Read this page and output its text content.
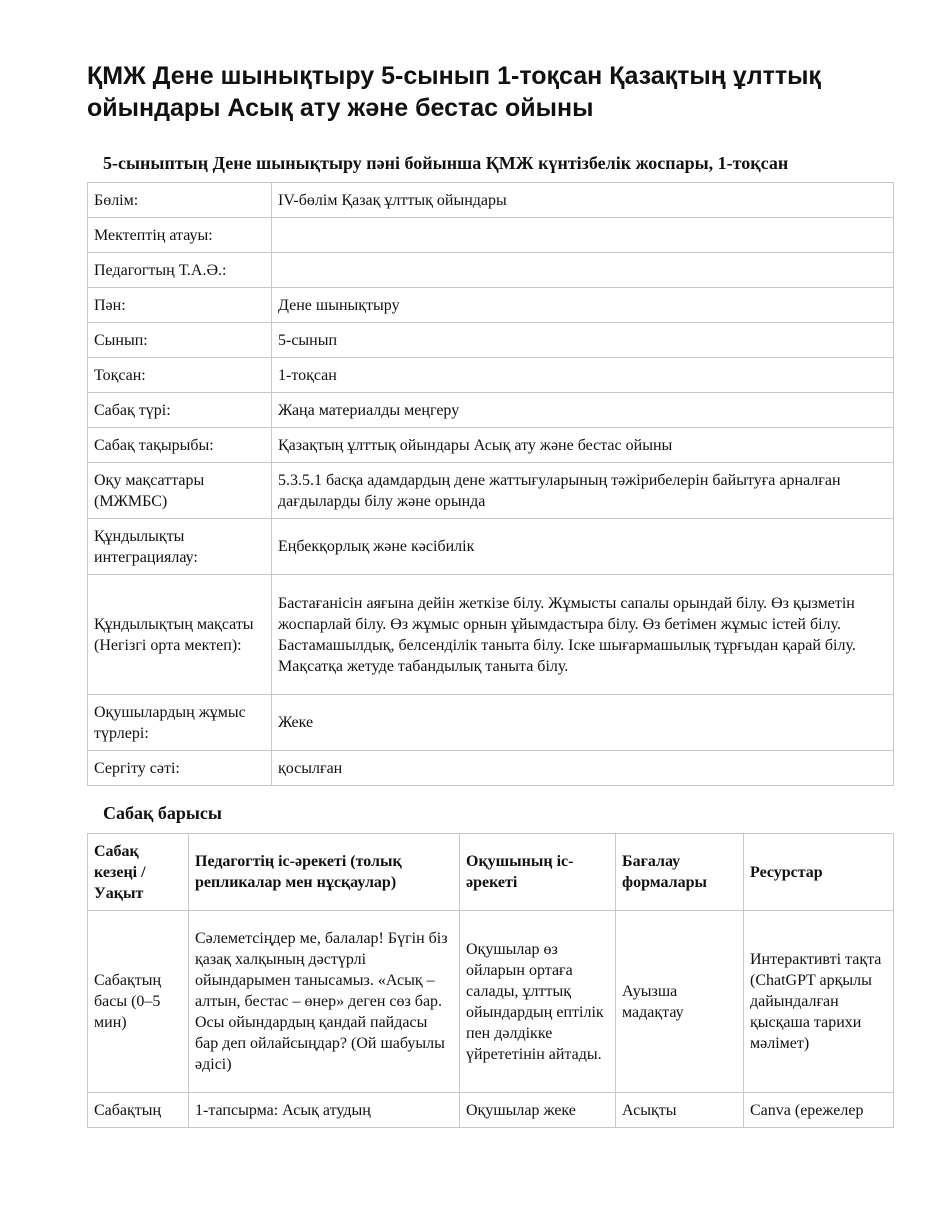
ҚМЖ Дене шынықтыру 5-сынып 1-тоқсан Қазақтың ұлттық ойындары Асық ату және бестас ойыны
5-сыныптың Дене шынықтыру пәні бойынша ҚМЖ күнтізбелік жоспары, 1-тоқсан
Бөлім:	IV-бөлім Қазақ ұлттық ойындары
Мектептің атауы:	
Педагогтың Т.А.Ә.:	
Пән:	Дене шынықтыру
Сынып:	5-сынып
Тоқсан:	1-тоқсан
Сабақ түрі:	Жаңа материалды меңгеру
Сабақ тақырыбы:	Қазақтың ұлттық ойындары Асық ату және бестас ойыны
Оқу мақсаттары (МЖМБС)	5.3.5.1 басқа адамдардың дене жаттығуларының тәжірибелерін байытуға арналған дағдыларды білу және орында
Құндылықты интеграциялау:	Еңбекқорлық және кәсібилік
Құндылықтың мақсаты (Негізгі орта мектеп):	Бастағанісін аяғына дейін жеткізе білу. Жұмысты сапалы орындай білу. Өз қызметін жоспарлай білу. Өз жұмыс орнын ұйымдастыра білу. Өз бетімен жұмыс істей білу. Бастамашылдық, белсенділік таныта білу. Іске шығармашылық тұрғыдан қарай білу. Мақсатқа жетуде табандылық таныта білу.
Оқушылардың жұмыс түрлері:	Жеке
Сергіту сәті:	қосылған
Сабақ барысы
Сабақ кезеңі / Уақыт	Педагогтің іс-әрекеті (толық репликалар мен нұсқаулар)	Оқушының іс-әрекеті	Бағалау формалары	Ресурстар
Сабақтың басы (0–5 мин)	Сәлеметсіңдер ме, балалар! Бүгін біз қазақ халқының дәстүрлі ойындарымен танысамыз. «Асық – алтын, бестас – өнер» деген сөз бар. Осы ойындардың қандай пайдасы бар деп ойлайсыңдар? (Ой шабуылы әдісі)	Оқушылар өз ойларын ортаға салады, ұлттық ойындардың ептілік пен дәлдікке үйрететінін айтады.	Ауызша мадақтау	Интерактивті тақта (ChatGPT арқылы дайындалған қысқаша тарихи мәлімет)
Сабақтың	1-тапсырма: Асық атудың	Оқушылар жеке	Асықты	Canva (ережелер
